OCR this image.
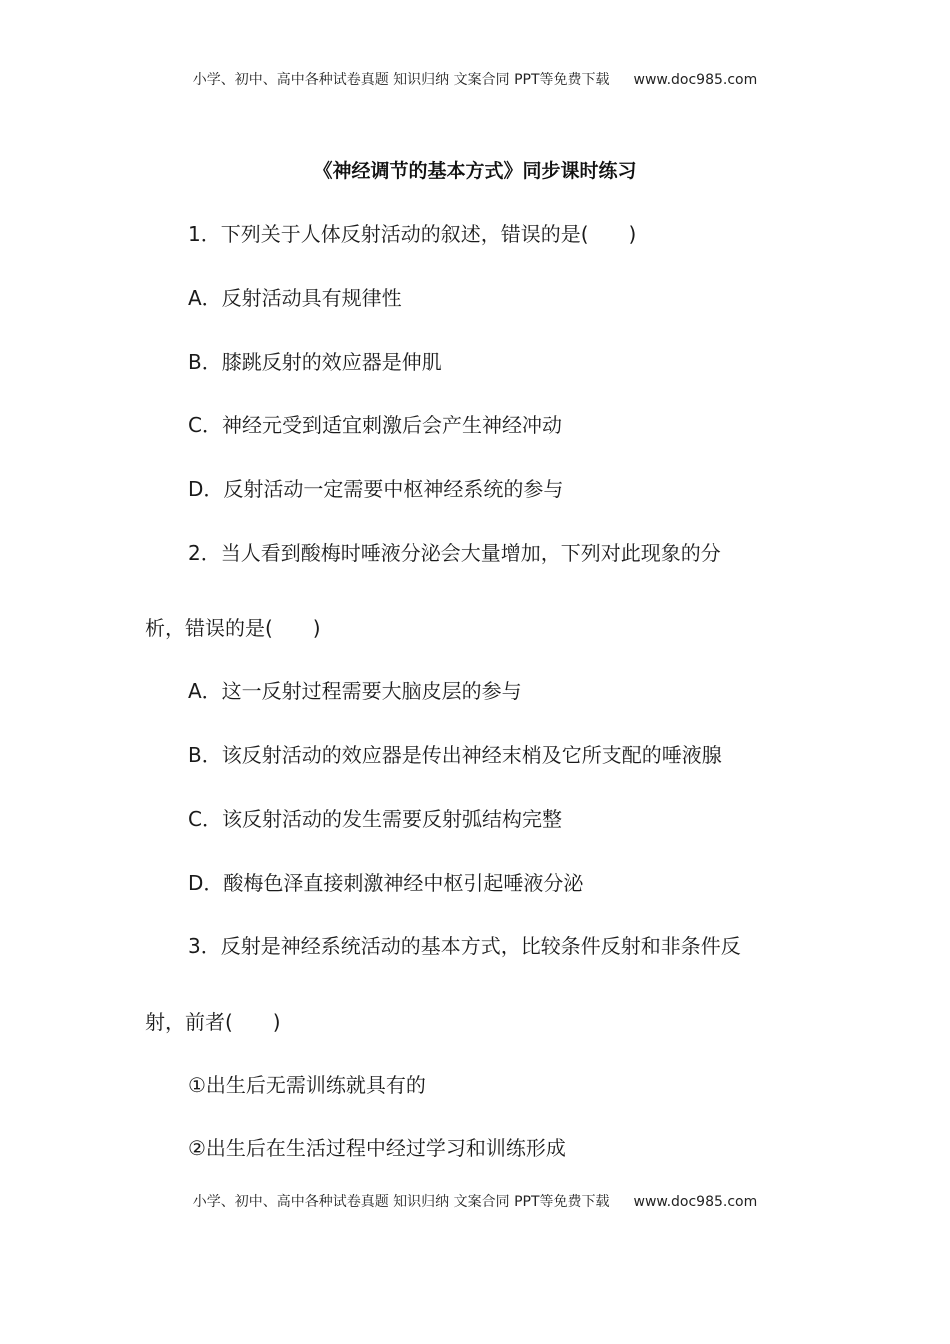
小学、初中、高中各种试卷真题 知识归纳 文案合同 PPT等免费下载 www.doc985.com
《神经调节的基本方式》同步课时练习
1．下列关于人体反射活动的叙述，错误的是(　　)
A．反射活动具有规律性
B．膝跳反射的效应器是伸肌
C．神经元受到适宜刺激后会产生神经冲动
D．反射活动一定需要中枢神经系统的参与
2．当人看到酸梅时唾液分泌会大量增加，下列对此现象的分
析，错误的是(　　)
A．这一反射过程需要大脑皮层的参与
B．该反射活动的效应器是传出神经末梢及它所支配的唾液腺
C．该反射活动的发生需要反射弧结构完整
D．酸梅色泽直接刺激神经中枢引起唾液分泌
3．反射是神经系统活动的基本方式，比较条件反射和非条件反
射，前者(　　)
①出生后无需训练就具有的
②出生后在生活过程中经过学习和训练形成
小学、初中、高中各种试卷真题 知识归纳 文案合同 PPT等免费下载 www.doc985.com
